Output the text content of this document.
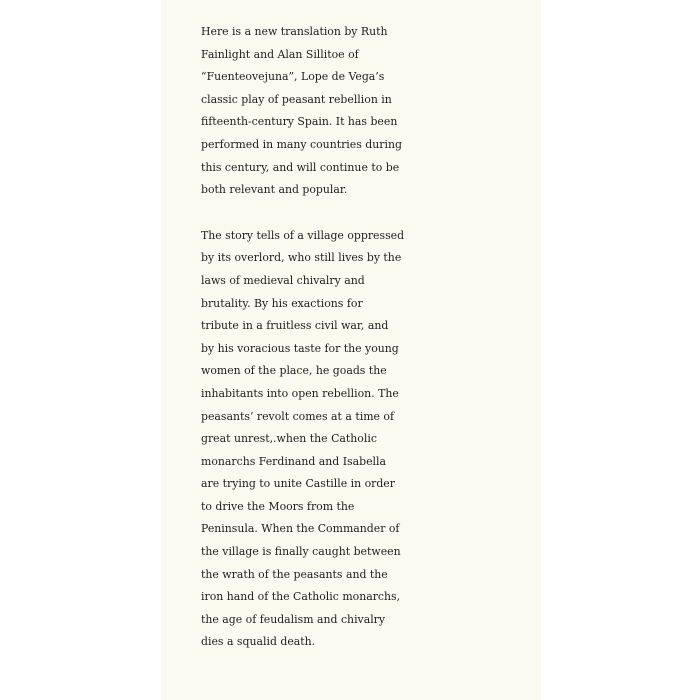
Here is a new translation by Ruth
Fainlight and Alan Sillitoe of
“Fuenteovejuna”, Lope de Vega’s
classic play of peasant rebellion in
fifteenth-century Spain. It has been
performed in many countries during
this century, and will continue to be
both relevant and popular.

The story tells of a village oppressed
by its overlord, who still lives by the
laws of medieval chivalry and
brutality. By his exactions for
tribute in a fruitless civil war, and
by his voracious taste for the young
women of the place, he goads the
inhabitants into open rebellion. The
peasants’ revolt comes at a time of
great unrest,.when the Catholic
monarchs Ferdinand and Isabella
are trying to unite Castille in order
to drive the Moors from the
Peninsula. When the Commander of
the village is finally caught between
the wrath of the peasants and the
iron hand of the Catholic monarchs,
the age of feudalism and chivalry
dies a squalid death.
